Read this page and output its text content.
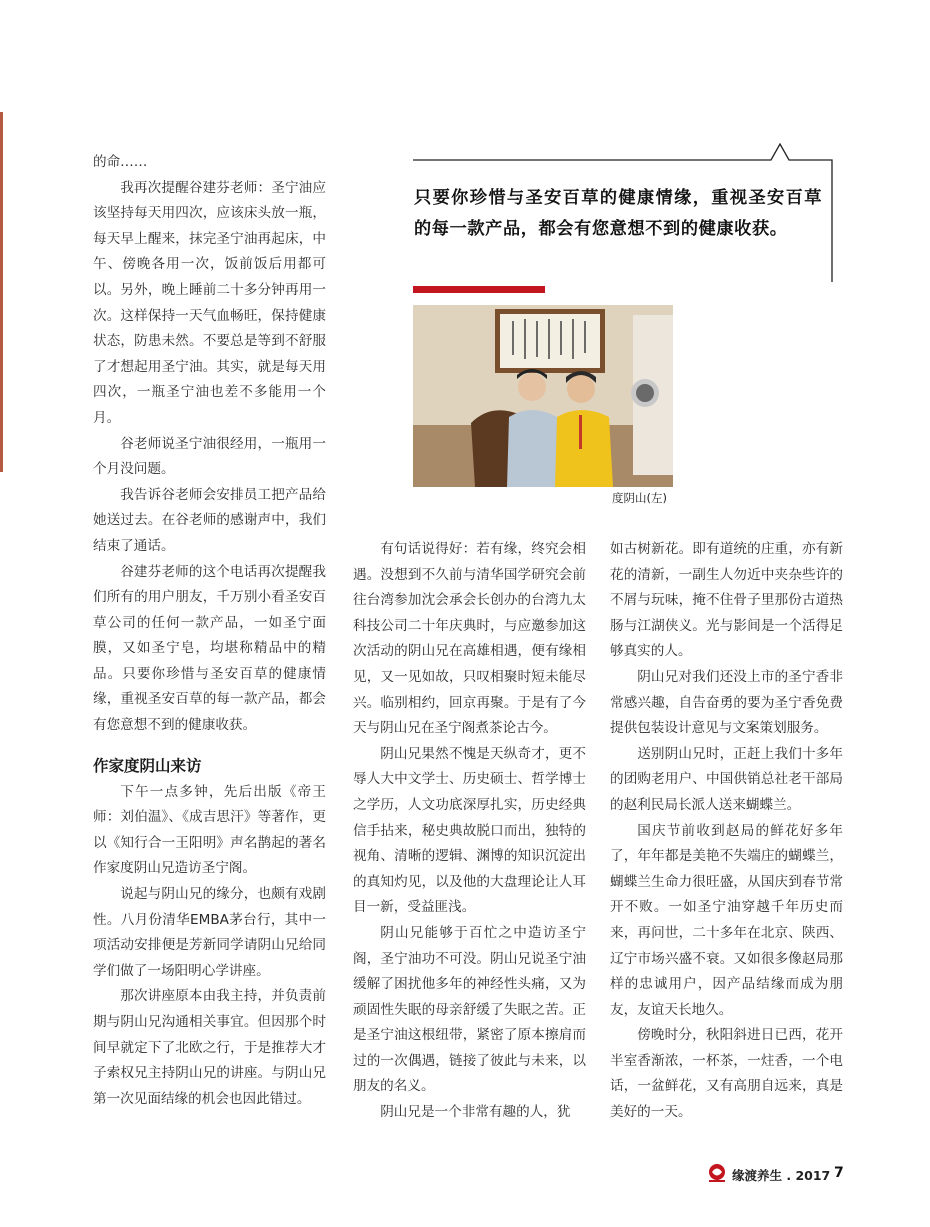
的命……

我再次提醒谷建芬老师：圣宁油应该坚持每天用四次，应该床头放一瓶，每天早上醒来，抹完圣宁油再起床，中午、傍晚各用一次，饭前饭后用都可以。另外，晚上睡前二十多分钟再用一次。这样保持一天气血畅旺，保持健康状态，防患未然。不要总是等到不舒服了才想起用圣宁油。其实，就是每天用四次，一瓶圣宁油也差不多能用一个月。

谷老师说圣宁油很经用，一瓶用一个月没问题。

我告诉谷老师会安排员工把产品给她送过去。在谷老师的感谢声中，我们结束了通话。

谷建芬老师的这个电话再次提醒我们所有的用户朋友，千万别小看圣安百草公司的任何一款产品，一如圣宁面膜，又如圣宁皂，均堪称精品中的精品。只要你珍惜与圣安百草的健康情缘，重视圣安百草的每一款产品，都会有您意想不到的健康收获。

作家度阴山来访

下午一点多钟，先后出版《帝王师：刘伯温》、《成吉思汗》等著作，更以《知行合一王阳明》声名鹊起的著名作家度阴山兄造访圣宁阁。

说起与阴山兄的缘分，也颇有戏剧性。八月份清华EMBA茅台行，其中一项活动安排便是芳新同学请阴山兄给同学们做了一场阳明心学讲座。

那次讲座原本由我主持，并负责前期与阴山兄沟通相关事宜。但因那个时间早就定下了北欧之行，于是推荐大才子索权兄主持阴山兄的讲座。与阴山兄第一次见面结缘的机会也因此错过。

只要你珍惜与圣安百草的健康情缘，重视圣安百草的每一款产品，都会有您意想不到的健康收获。
度阴山(左)

有句话说得好：若有缘，终究会相遇。没想到不久前与清华国学研究会前往台湾参加沈会承会长创办的台湾九太科技公司二十年庆典时，与应邀参加这次活动的阴山兄在高雄相遇，便有缘相见，又一见如故，只叹相聚时短未能尽兴。临别相约，回京再聚。于是有了今天与阴山兄在圣宁阁煮茶论古今。

阴山兄果然不愧是天纵奇才，更不辱人大中文学士、历史硕士、哲学博士之学历，人文功底深厚扎实，历史经典信手拈来，秘史典故脱口而出，独特的视角、清晰的逻辑、渊博的知识沉淀出的真知灼见，以及他的大盘理论让人耳目一新，受益匪浅。

阴山兄能够于百忙之中造访圣宁阁，圣宁油功不可没。阴山兄说圣宁油缓解了困扰他多年的神经性头痛，又为顽固性失眠的母亲舒缓了失眠之苦。正是圣宁油这根纽带，紧密了原本擦肩而过的一次偶遇，链接了彼此与未来，以朋友的名义。

阴山兄是一个非常有趣的人，犹

如古树新花。即有道统的庄重，亦有新花的清新，一副生人勿近中夹杂些许的不屑与玩味，掩不住骨子里那份古道热肠与江湖侠义。光与影间是一个活得足够真实的人。

阴山兄对我们还没上市的圣宁香非常感兴趣，自告奋勇的要为圣宁香免费提供包装设计意见与文案策划服务。

送别阴山兄时，正赶上我们十多年的团购老用户、中国供销总社老干部局的赵利民局长派人送来蝴蝶兰。

国庆节前收到赵局的鲜花好多年了，年年都是美艳不失端庄的蝴蝶兰，蝴蝶兰生命力很旺盛，从国庆到春节常开不败。一如圣宁油穿越千年历史而来，再问世，二十多年在北京、陕西、辽宁市场兴盛不衰。又如很多像赵局那样的忠诚用户，因产品结缘而成为朋友，友谊天长地久。

傍晚时分，秋阳斜进日已西，花开半室香渐浓，一杯茶，一炷香，一个电话，一盆鲜花，又有高朋自远来，真是美好的一天。

缘渡养生 . 2017 7
